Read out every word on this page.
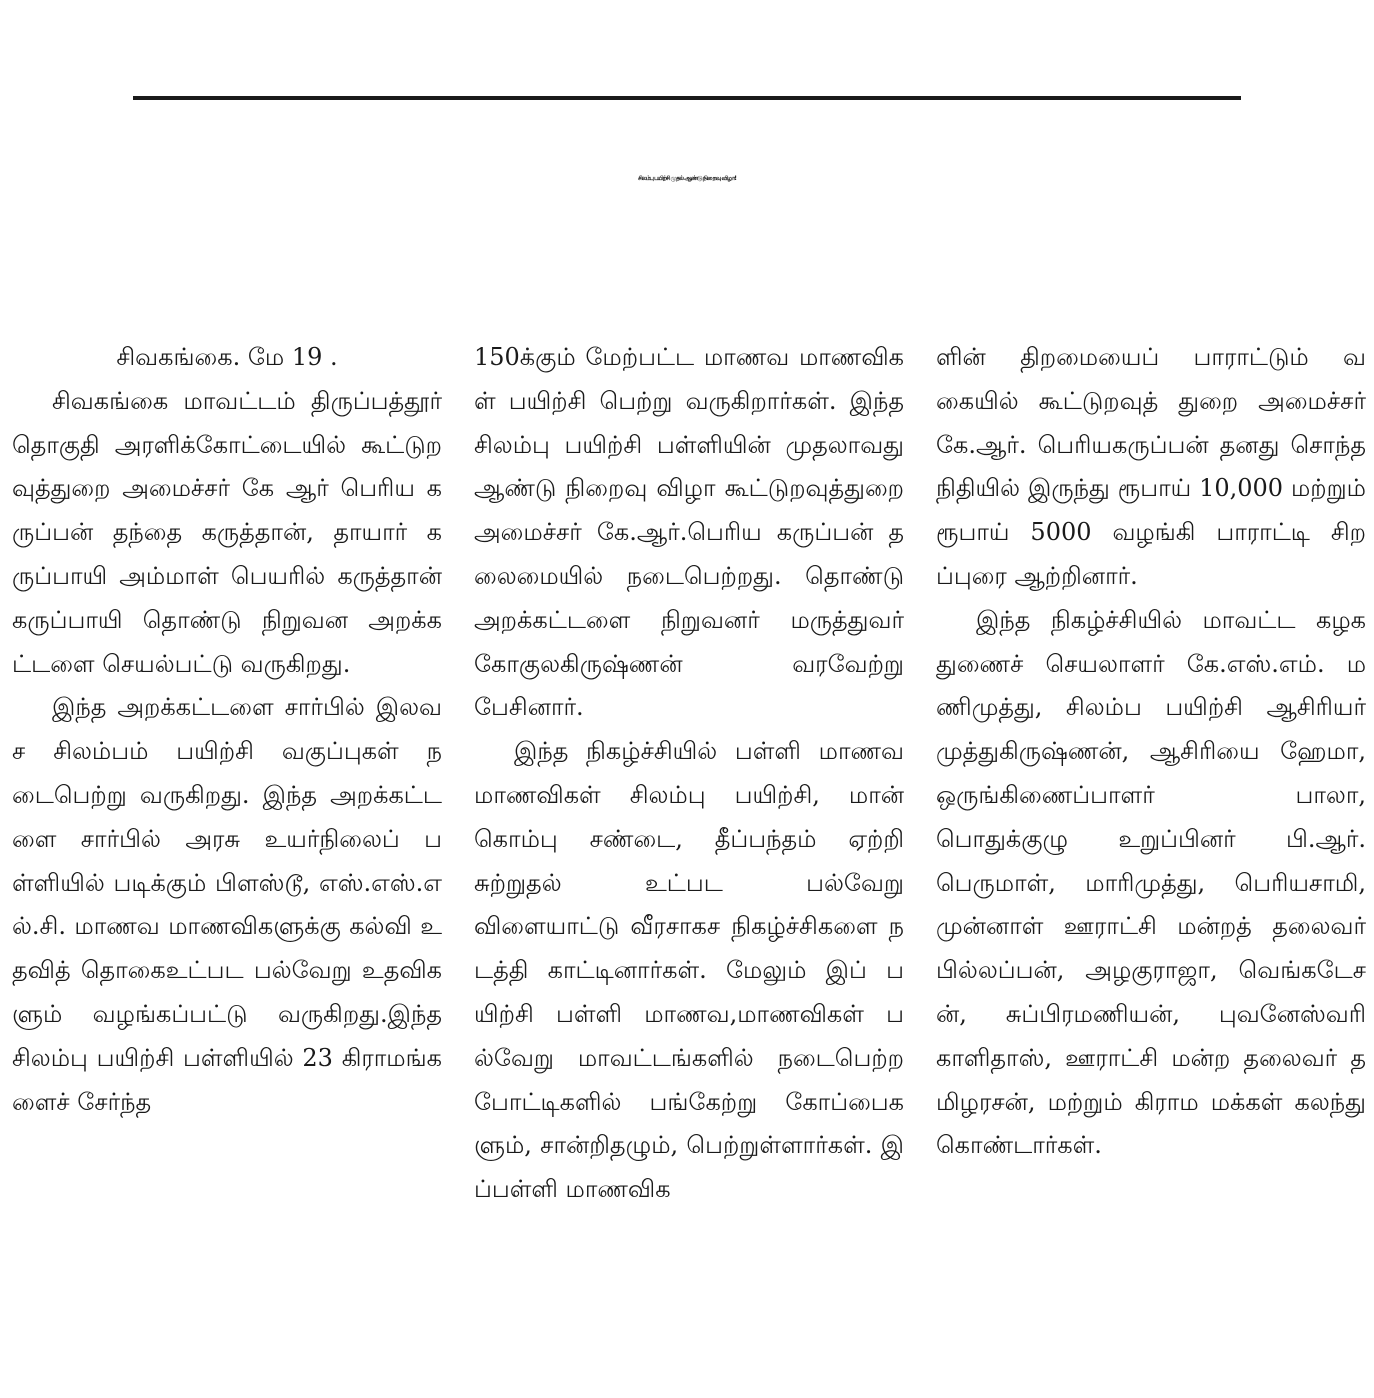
சிலம்பு பயிற்சி முதல் ஆண்டு நிறைவு விழா!

சிவகங்கை. மே 19 .

சிவகங்கை மாவட்டம் திருப்பத்தூர் தொகுதி அரளிக்கோட்டையில் கூட்டுறவுத்துறை அமைச்சர் கே ஆர் பெரிய கருப்பன் தந்தை கருத்தான், தாயார் கருப்பாயி அம்மாள் பெயரில் கருத்தான் கருப்பாயி தொண்டு நிறுவன அறக்கட்டளை செயல்பட்டு வருகிறது.

இந்த அறக்கட்டளை சார்பில் இலவச சிலம்பம் பயிற்சி வகுப்புகள் நடைபெற்று வருகிறது. இந்த அறக்கட்டளை சார்பில் அரசு உயர்நிலைப் பள்ளியில் படிக்கும் பிளஸ்டூ, எஸ்.எஸ்.எல்.சி. மாணவ மாணவிகளுக்கு கல்வி உதவித் தொகைஉட்பட பல்வேறு உதவிகளும் வழங்கப்பட்டு வருகிறது.இந்த சிலம்பு பயிற்சி பள்ளியில் 23 கிராமங்களைச் சேர்ந்த

150க்கும் மேற்பட்ட மாணவ மாணவிகள் பயிற்சி பெற்று வருகிறார்கள். இந்த சிலம்பு பயிற்சி பள்ளியின் முதலாவது ஆண்டு நிறைவு விழா கூட்டுறவுத்துறை அமைச்சர் கே.ஆர்.பெரிய கருப்பன் தலைமையில் நடைபெற்றது. தொண்டு அறக்கட்டளை நிறுவனர் மருத்துவர் கோகுலகிருஷ்ணன் வரவேற்று பேசினார்.

இந்த நிகழ்ச்சியில் பள்ளி மாணவ மாணவிகள் சிலம்பு பயிற்சி, மான் கொம்பு சண்டை, தீப்பந்தம் ஏற்றி சுற்றுதல் உட்பட பல்வேறு விளையாட்டு வீரசாகச நிகழ்ச்சிகளை நடத்தி காட்டினார்கள். மேலும் இப் பயிற்சி பள்ளி மாணவ,மாணவிகள் பல்வேறு மாவட்டங்களில் நடைபெற்ற போட்டிகளில் பங்கேற்று கோப்பைகளும், சான்றிதழும், பெற்றுள்ளார்கள். இப்பள்ளி மாணவிக

ளின் திறமையைப் பாராட்டும் வகையில் கூட்டுறவுத் துறை அமைச்சர் கே.ஆர். பெரியகருப்பன் தனது சொந்த நிதியில் இருந்து ரூபாய் 10,000 மற்றும் ரூபாய் 5000 வழங்கி பாராட்டி சிறப்புரை ஆற்றினார்.

இந்த நிகழ்ச்சியில் மாவட்ட கழக துணைச் செயலாளர் கே.எஸ்.எம். மணிமுத்து, சிலம்ப பயிற்சி ஆசிரியர் முத்துகிருஷ்ணன், ஆசிரியை ஹேமா, ஒருங்கிணைப்பாளர் பாலா, பொதுக்குழு உறுப்பினர் பி.ஆர்.பெருமாள், மாரிமுத்து, பெரியசாமி, முன்னாள் ஊராட்சி மன்றத் தலைவர் பில்லப்பன், அழகுராஜா, வெங்கடேசன், சுப்பிரமணியன், புவனேஸ்வரி காளிதாஸ், ஊராட்சி மன்ற தலைவர் தமிழரசன், மற்றும் கிராம மக்கள் கலந்து கொண்டார்கள்.
